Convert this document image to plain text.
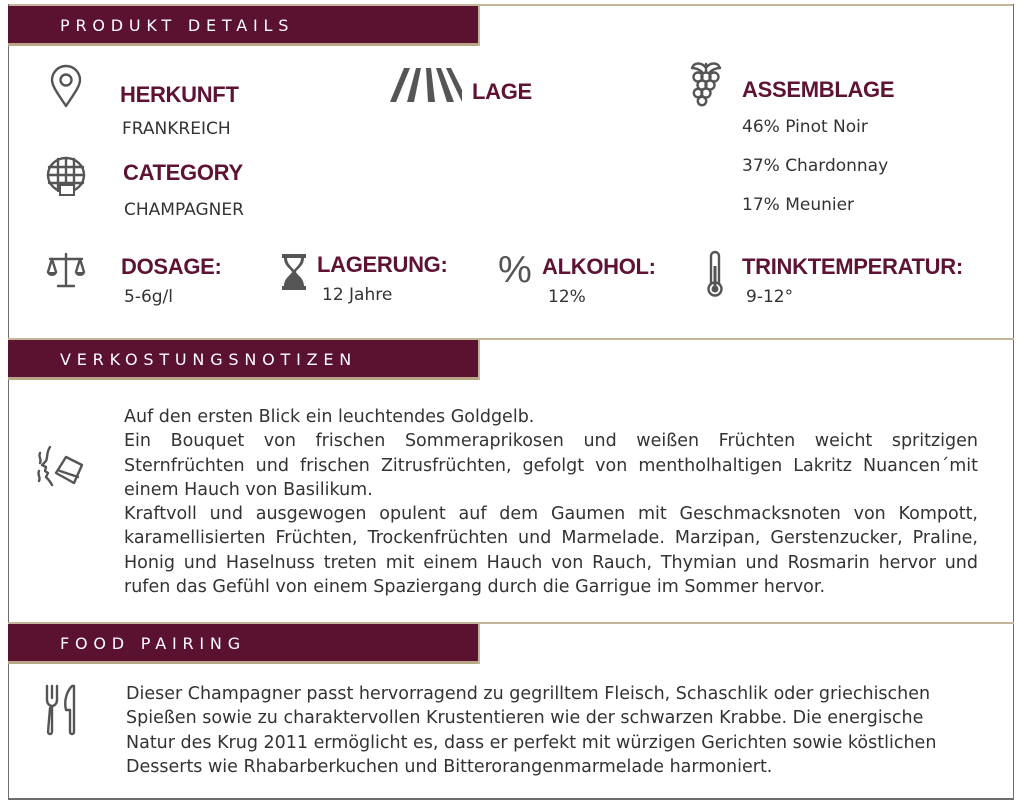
PRODUKT DETAILS
HERKUNFT
FRANKREICH
LAGE	ASSEMBLAGE
46% Pinot Noir
37% Chardonnay
17% Meunier
CATEGORY
CHAMPAGNER
DOSAGE:
5-6g/l
LAGERUNG:
12 Jahre
% ALKOHOL:
12%
TRINKTEMPERATUR:
9-12°
VERKOSTUNGSNOTIZEN

Auf den ersten Blick ein leuchtendes Goldgelb.

Ein Bouquet von frischen Sommeraprikosen und weißen Früchten weicht spritzigen Sternfrüchten und frischen Zitrusfrüchten, gefolgt von mentholhaltigen Lakritz Nuancen´mit einem Hauch von Basilikum.

Kraftvoll und ausgewogen opulent auf dem Gaumen mit Geschmacksnoten von Kompott, karamellisierten Früchten, Trockenfrüchten und Marmelade. Marzipan, Gerstenzucker, Praline, Honig und Haselnuss treten mit einem Hauch von Rauch, Thymian und Rosmarin hervor und rufen das Gefühl von einem Spaziergang durch die Garrigue im Sommer hervor.

FOOD PAIRING
Dieser Champagner passt hervorragend zu gegrilltem Fleisch, Schaschlik oder griechischen Spießen sowie zu charaktervollen Krustentieren wie der schwarzen Krabbe. Die energische Natur des Krug 2011 ermöglicht es, dass er perfekt mit würzigen Gerichten sowie köstlichen Desserts wie Rhabarberkuchen und Bitterorangenmarmelade harmoniert.
